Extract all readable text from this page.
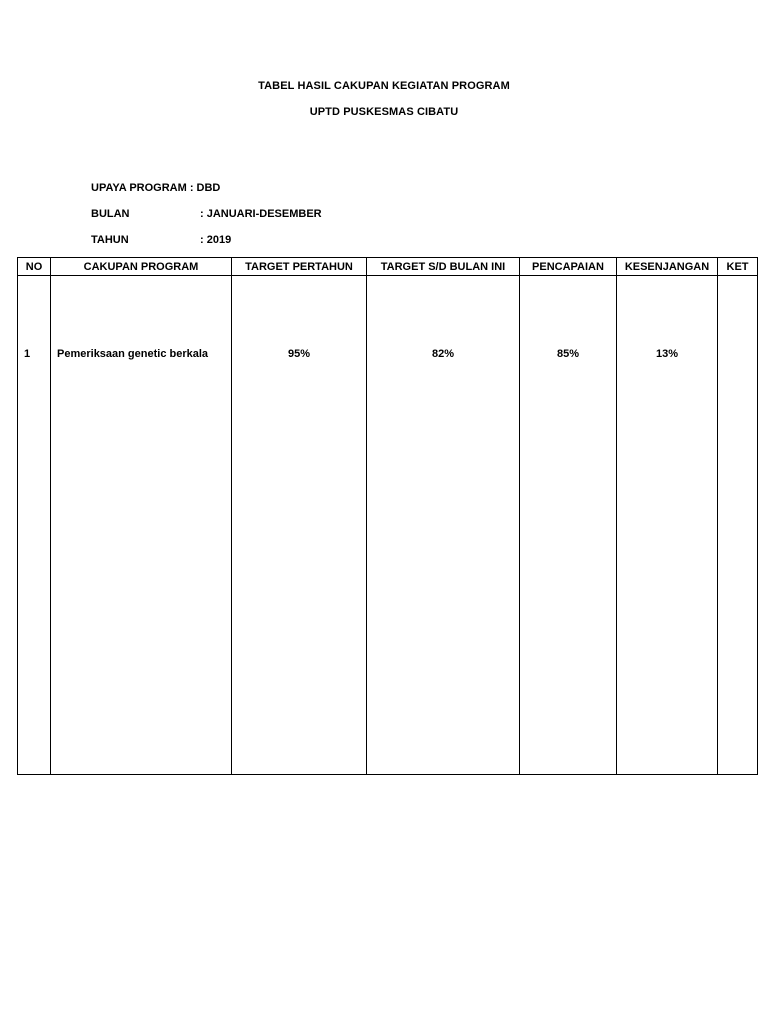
TABEL HASIL CAKUPAN KEGIATAN PROGRAM
UPTD PUSKESMAS CIBATU
UPAYA PROGRAM : DBD
BULAN	: JANUARI-DESEMBER
TAHUN	: 2019
NO	CAKUPAN PROGRAM	TARGET PERTAHUN	TARGET S/D BULAN INI	PENCAPAIAN	KESENJANGAN	KET

1	Pemeriksaan genetic berkala	95%	82%	85%	13%	
